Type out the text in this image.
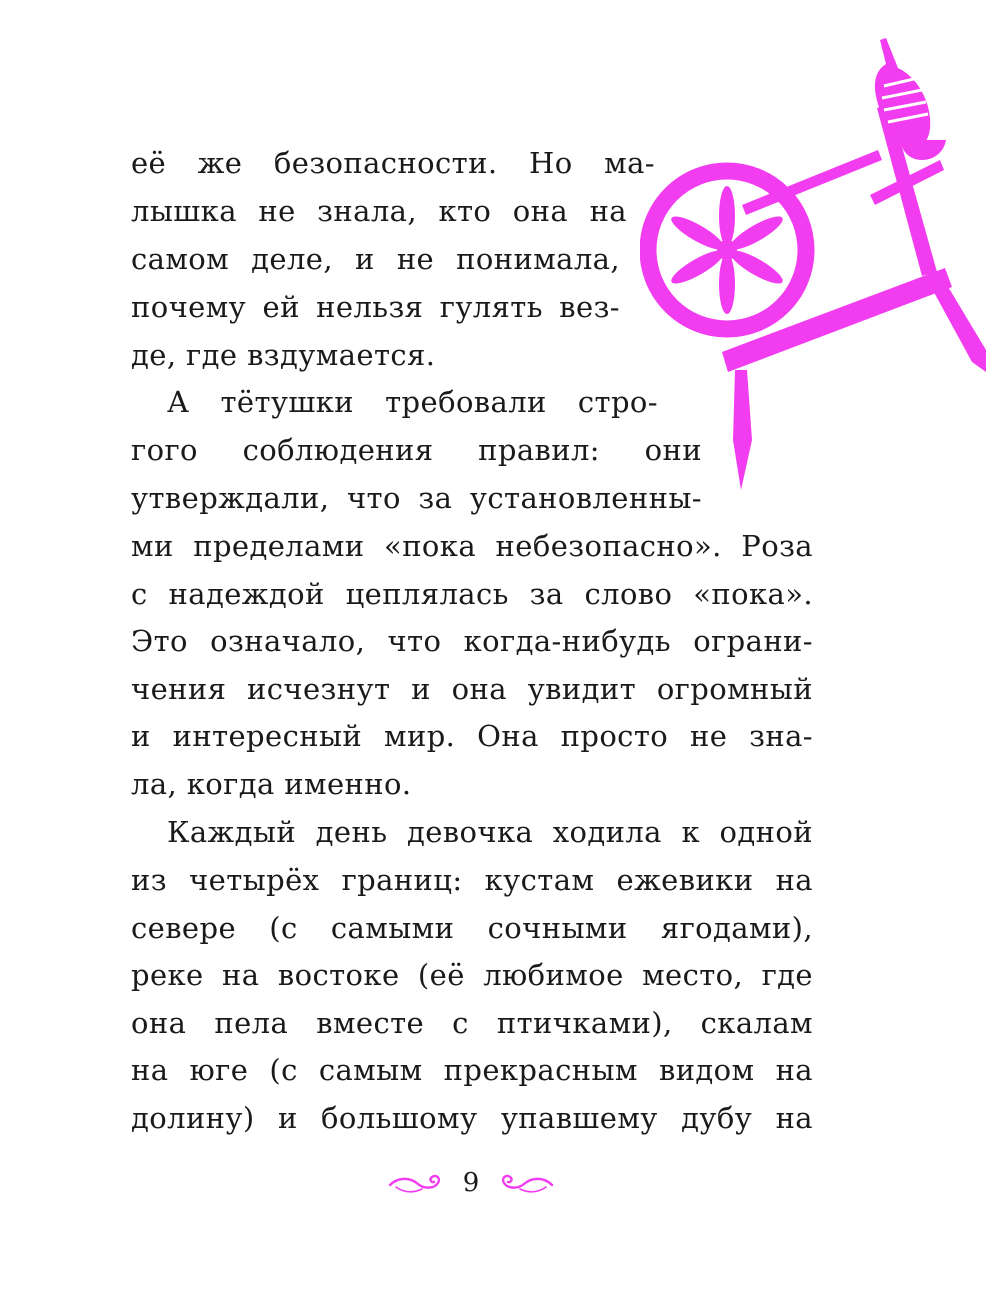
её же безопасности. Но ма-
лышка не знала, кто она на
самом деле, и не понимала,
почему ей нельзя гулять вез-
де, где вздумается.
А тётушки требовали стро-
гого соблюдения правил: они
утверждали, что за установленны-
ми пределами «пока небезопасно». Роза
с надеждой цеплялась за слово «пока».
Это означало, что когда-нибудь ограни-
чения исчезнут и она увидит огромный
и интересный мир. Она просто не зна-
ла, когда именно.
Каждый день девочка ходила к одной
из четырёх границ: кустам ежевики на
севере (с самыми сочными ягодами),
реке на востоке (её любимое место, где
она пела вместе с птичками), скалам
на юге (с самым прекрасным видом на
долину) и большому упавшему дубу на
9
